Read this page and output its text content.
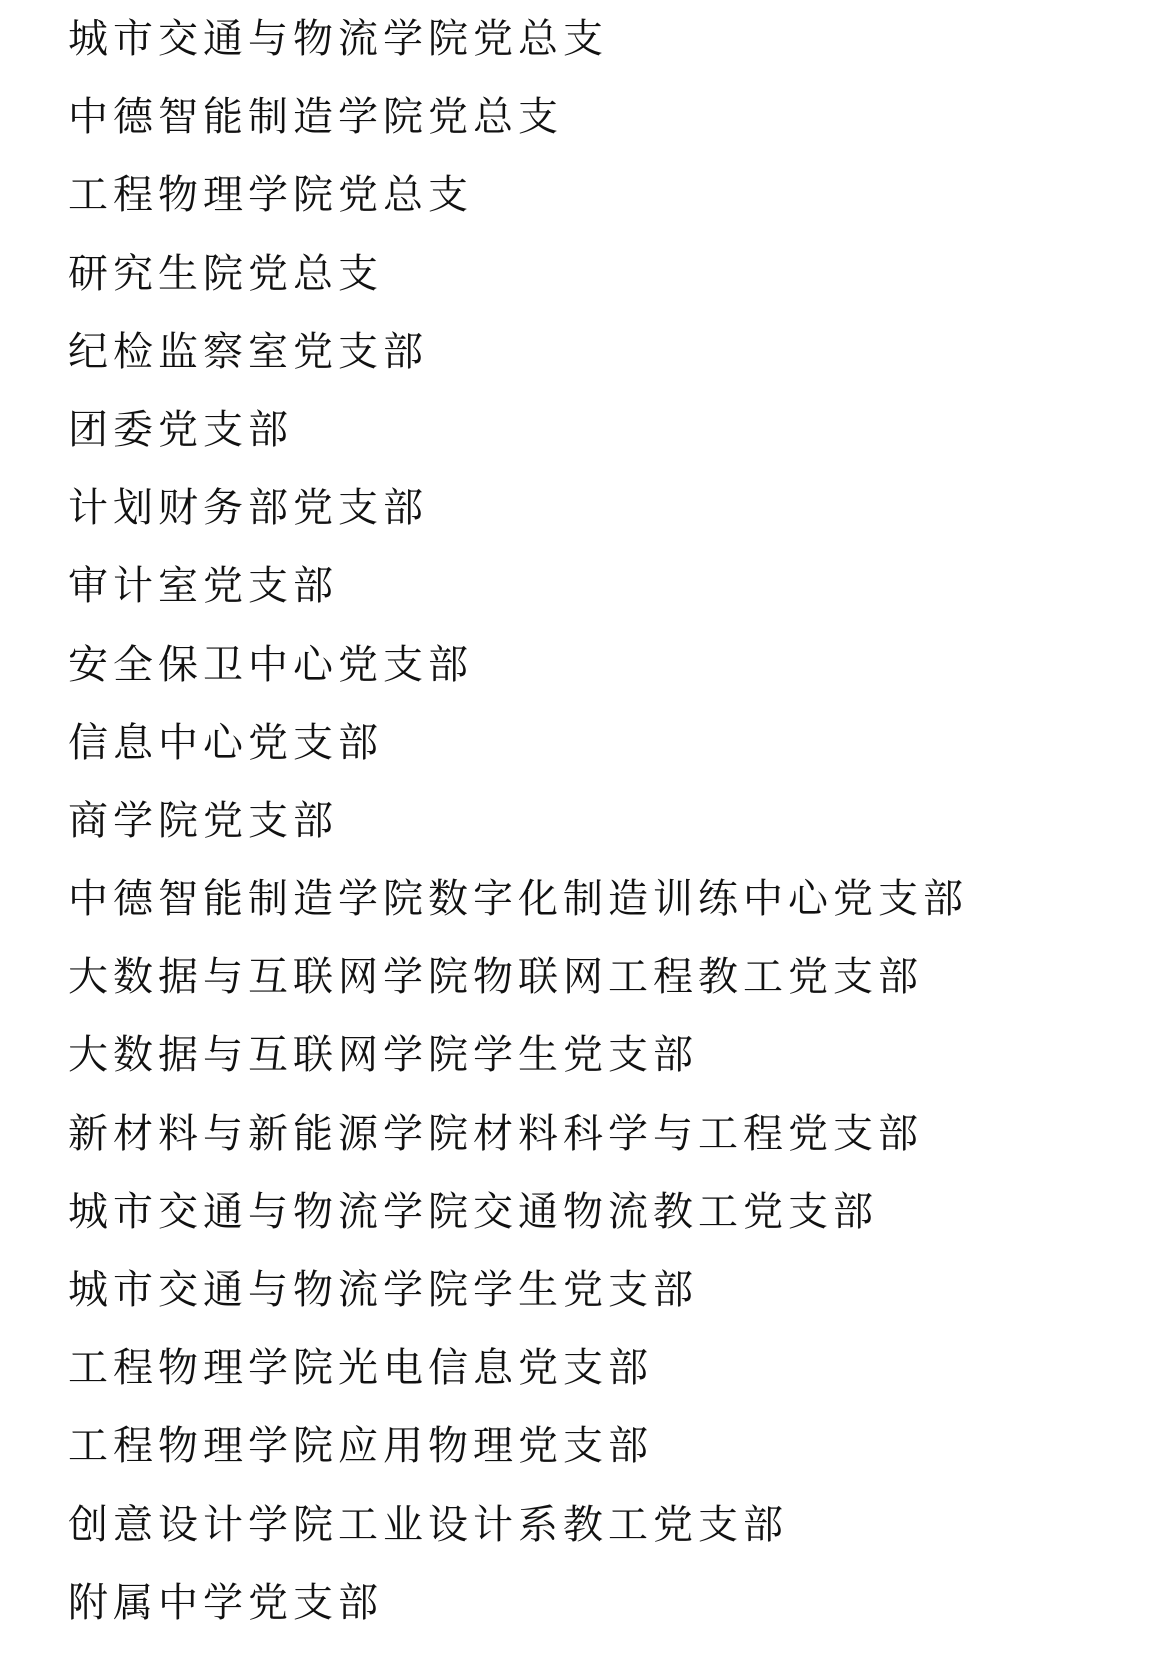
城市交通与物流学院党总支
中德智能制造学院党总支
工程物理学院党总支
研究生院党总支
纪检监察室党支部
团委党支部
计划财务部党支部
审计室党支部
安全保卫中心党支部
信息中心党支部
商学院党支部
中德智能制造学院数字化制造训练中心党支部
大数据与互联网学院物联网工程教工党支部
大数据与互联网学院学生党支部
新材料与新能源学院材料科学与工程党支部
城市交通与物流学院交通物流教工党支部
城市交通与物流学院学生党支部
工程物理学院光电信息党支部
工程物理学院应用物理党支部
创意设计学院工业设计系教工党支部
附属中学党支部
